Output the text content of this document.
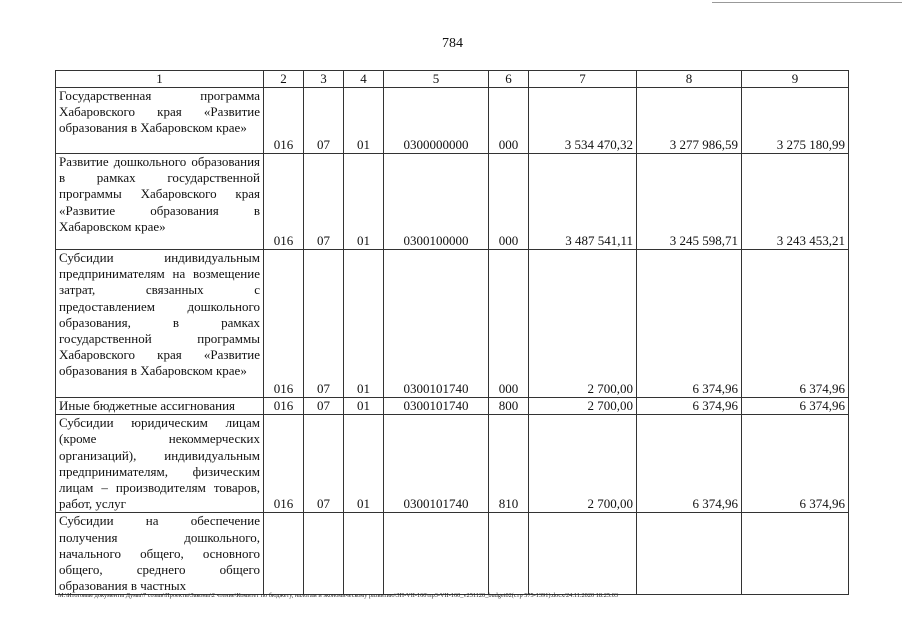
784
1	2	3	4	5	6	7	8	9
Государственная программа Хабаровского края «Развитие образования в Хабаровском крае»	016	07	01	0300000000	000	3 534 470,32	3 277 986,59	3 275 180,99
Развитие дошкольного образования в рамках государственной программы Хабаровского края «Развитие образования в Хабаровском крае»	016	07	01	0300100000	000	3 487 541,11	3 245 598,71	3 243 453,21
Субсидии индивидуальным предпринимателям на возмещение затрат, связанных с предоставлением дошкольного образования, в рамках государственной программы Хабаровского края «Развитие образования в Хабаровском крае»	016	07	01	0300101740	000	2 700,00	6 374,96	6 374,96
Иные бюджетные ассигнования	016	07	01	0300101740	800	2 700,00	6 374,96	6 374,96
Субсидии юридическим лицам (кроме некоммерческих организаций), индивидуальным предпринимателям, физическим лицам – производителям товаров, работ, услуг	016	07	01	0300101740	810	2 700,00	6 374,96	6 374,96
Субсидии на обеспечение получения дошкольного, начального общего, основного общего, среднего общего образования в частных								
M:\Итоговые документы Думы\7 созыв\Проекты\Законы\2 чтение\Комитет по бюджету, налогам и экономическому развитию\ЗП-VII-160\пр3-VII-160_v251120_budget02(стр 575-1391).docx/24.11.2020 18:25:03
